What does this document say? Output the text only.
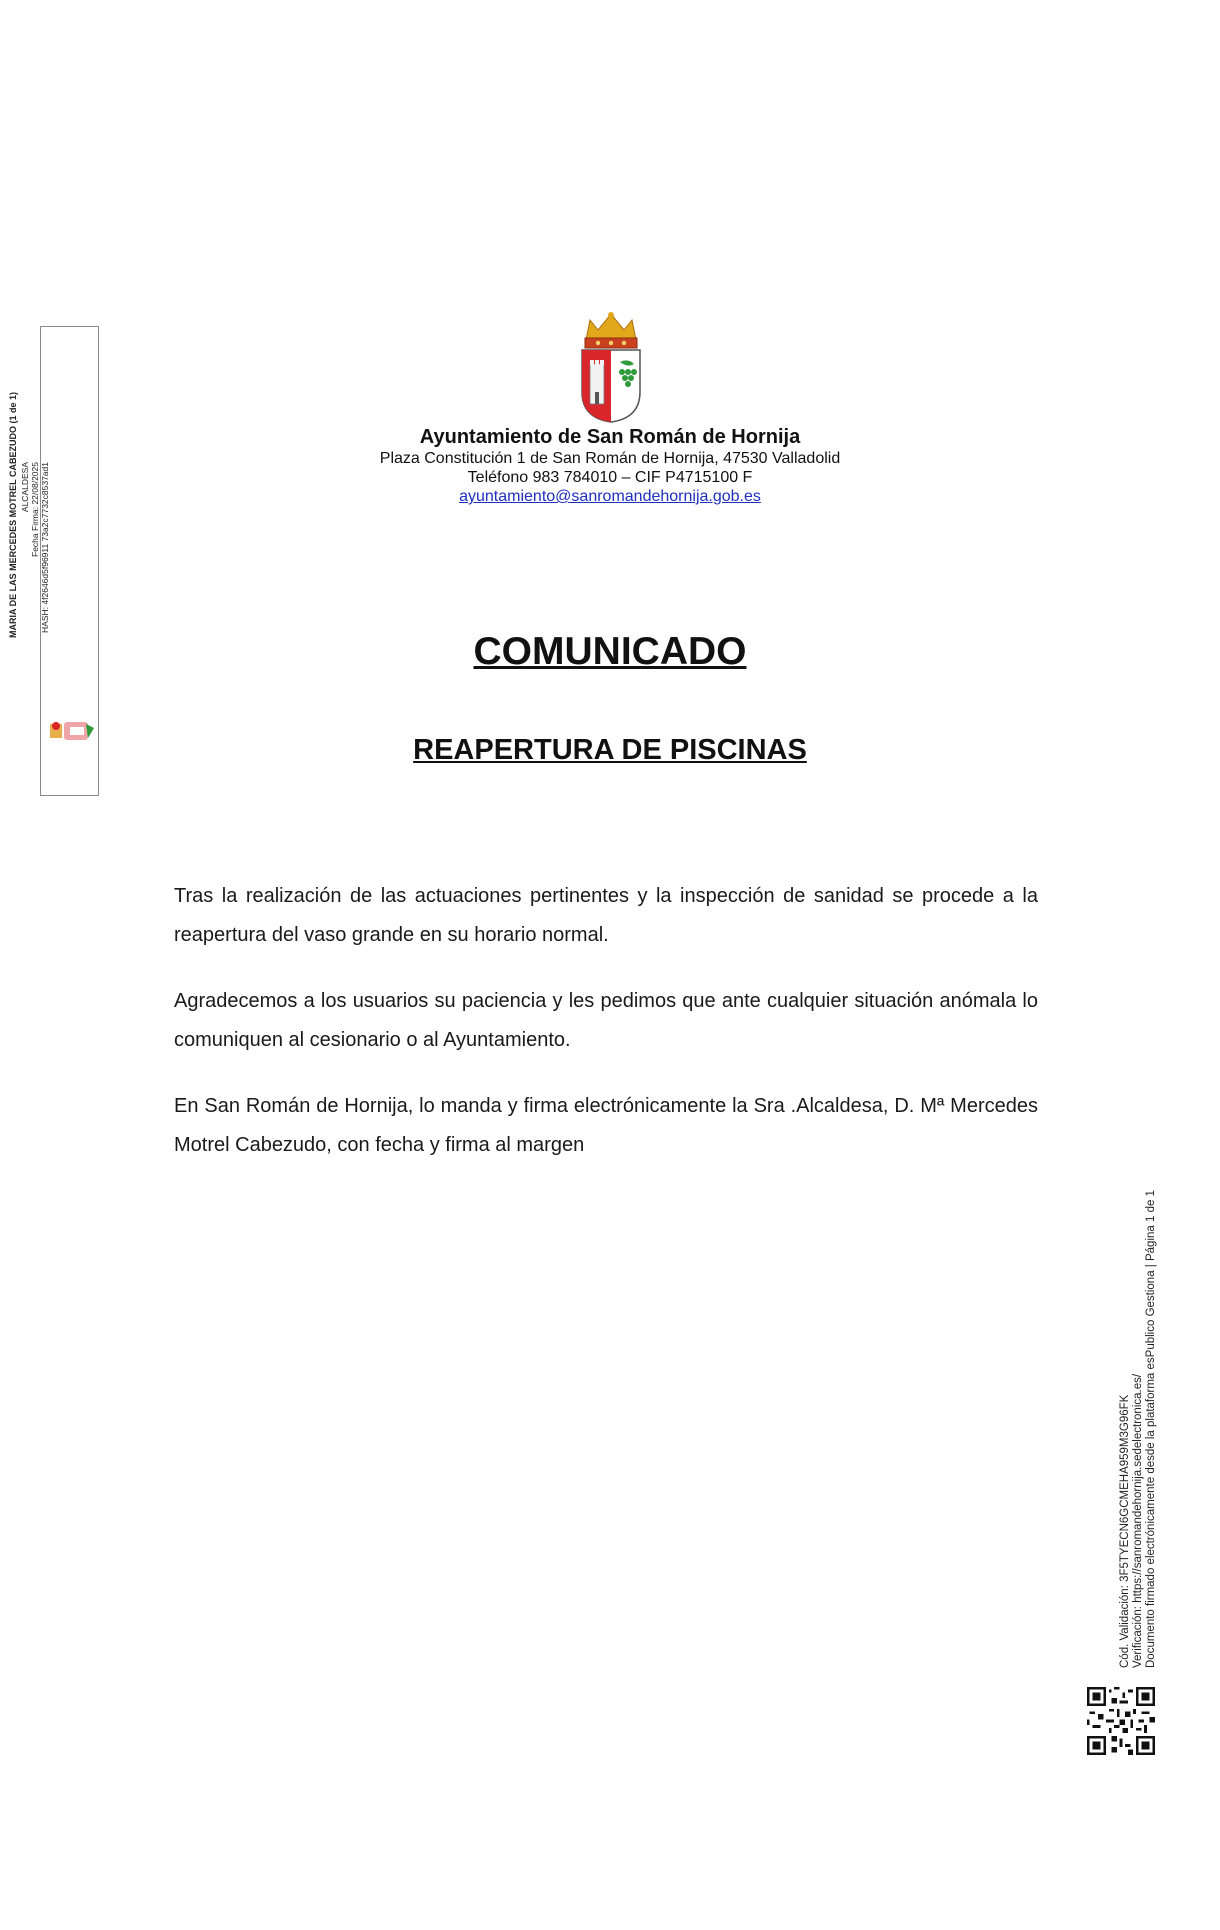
MARIA DE LAS MERCEDES MOTREL CABEZUDO (1 de 1) ALCALDESA Fecha Firma: 22/08/2025 HASH: 4f2646d5f96911 73a2c7732c8537ad1
Ayuntamiento de San Román de Hornija
Plaza Constitución 1 de San Román de Hornija, 47530 Valladolid
Teléfono 983 784010 – CIF P4715100 F
ayuntamiento@sanromandehornija.gob.es
COMUNICADO
REAPERTURA DE PISCINAS
Tras la realización de las actuaciones pertinentes y la inspección de sanidad se procede a la reapertura del vaso grande en su horario normal.
Agradecemos a los usuarios su paciencia y les pedimos que ante cualquier situación anómala lo comuniquen al cesionario o al Ayuntamiento.
En San Román de Hornija, lo manda y firma electrónicamente la Sra .Alcaldesa, D. Mª Mercedes Motrel Cabezudo, con fecha y firma al margen
Cód. Validación: 3F5TYECN6GCMEHA959M3G96FK Verificación: https://sanromandehornija.sedelectronica.es/ Documento firmado electrónicamente desde la plataforma esPublico Gestiona | Página 1 de 1
